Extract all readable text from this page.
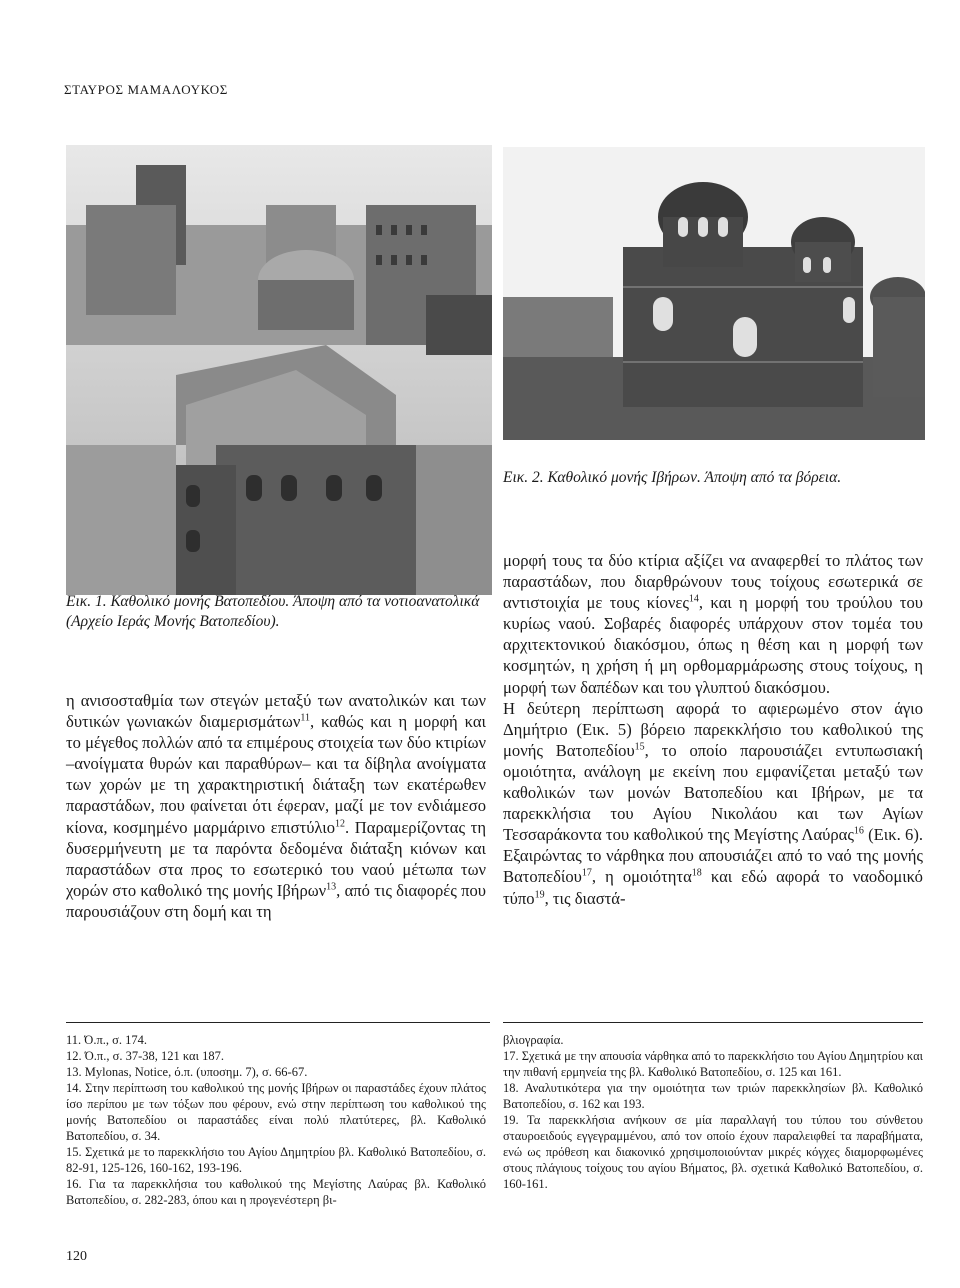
ΣΤΑΥΡΟΣ ΜΑΜΑΛΟΥΚΟΣ
Εικ. 2. Καθολικό μονής Ιβήρων. Άποψη από τα βόρεια.
Εικ. 1. Καθολικό μονής Βατοπεδίου. Άποψη από τα νοτιοανατολικά (Αρχείο Ιεράς Μονής Βατοπεδίου).

η ανισοσταθμία των στεγών μεταξύ των ανατολικών και των δυτικών γωνιακών διαμερισμάτων$^{11}$, καθώς και η μορφή και το μέγεθος πολλών από τα επιμέρους στοιχεία των δύο κτιρίων –ανοίγματα θυρών και παραθύρων– και τα δίβηλα ανοίγματα των χορών με τη χαρακτηριστική διάταξη των εκατέρωθεν παραστάδων, που φαίνεται ότι έφεραν, μαζί με τον ενδιάμεσο κίονα, κοσμημένο μαρμάρινο επιστύλιο$^{12}$. Παραμερίζοντας τη δυσερμήνευτη με τα παρόντα δεδομένα διάταξη κιόνων και παραστάδων στα προς το εσωτερικό του ναού μέτωπα των χορών στο καθολικό της μονής Ιβήρων$^{13}$, από τις διαφορές που παρουσιάζουν στη δομή και τη

μορφή τους τα δύο κτίρια αξίζει να αναφερθεί το πλάτος των παραστάδων, που διαρθρώνουν τους τοίχους εσωτερικά σε αντιστοιχία με τους κίονες$^{14}$, και η μορφή του τρούλου του κυρίως ναού. Σοβαρές διαφορές υπάρχουν στον τομέα του αρχιτεκτονικού διακόσμου, όπως η θέση και η μορφή των κοσμητών, η χρήση ή μη ορθομαρμάρωσης στους τοίχους, η μορφή των δαπέδων και του γλυπτού διακόσμου.

Η δεύτερη περίπτωση αφορά το αφιερωμένο στον άγιο Δημήτριο (Εικ. 5) βόρειο παρεκκλήσιο του καθολικού της μονής Βατοπεδίου$^{15}$, το οποίο παρουσιάζει εντυπωσιακή ομοιότητα, ανάλογη με εκείνη που εμφανίζεται μεταξύ των καθολικών των μονών Βατοπεδίου και Ιβήρων, με τα παρεκκλήσια του Αγίου Νικολάου και των Αγίων Τεσσαράκοντα του καθολικού της Μεγίστης Λαύρας$^{16}$ (Εικ. 6). Εξαιρώντας το νάρθηκα που απουσιάζει από το ναό της μονής Βατοπεδίου$^{17}$, η ομοιότητα$^{18}$ και εδώ αφορά το ναοδομικό τύπο$^{19}$, τις διαστά-

11. Ό.π., σ. 174.
12. Ό.π., σ. 37-38, 121 και 187.
13. Mylonas, Notice, ό.π. (υποσημ. 7), σ. 66-67.
14. Στην περίπτωση του καθολικού της μονής Ιβήρων οι παραστάδες έχουν πλάτος ίσο περίπου με των τόξων που φέρουν, ενώ στην περίπτωση του καθολικού της μονής Βατοπεδίου οι παραστάδες είναι πολύ πλατύτερες, βλ. Καθολικό Βατοπεδίου, σ. 34.
15. Σχετικά με το παρεκκλήσιο του Αγίου Δημητρίου βλ. Καθολικό Βατοπεδίου, σ. 82-91, 125-126, 160-162, 193-196.
16. Για τα παρεκκλήσια του καθολικού της Μεγίστης Λαύρας βλ. Καθολικό Βατοπεδίου, σ. 282-283, όπου και η προγενέστερη βι-
βλιογραφία.
17. Σχετικά με την απουσία νάρθηκα από το παρεκκλήσιο του Αγίου Δημητρίου και την πιθανή ερμηνεία της βλ. Καθολικό Βατοπεδίου, σ. 125 και 161.
18. Αναλυτικότερα για την ομοιότητα των τριών παρεκκλησίων βλ. Καθολικό Βατοπεδίου, σ. 162 και 193.
19. Τα παρεκκλήσια ανήκουν σε μία παραλλαγή του τύπου του σύνθετου σταυροειδούς εγγεγραμμένου, από τον οποίο έχουν παραλειφθεί τα παραβήματα, ενώ ως πρόθεση και διακονικό χρησιμοποιούνταν μικρές κόγχες διαμορφωμένες στους πλάγιους τοίχους του αγίου Βήματος, βλ. σχετικά Καθολικό Βατοπεδίου, σ. 160-161.
120
